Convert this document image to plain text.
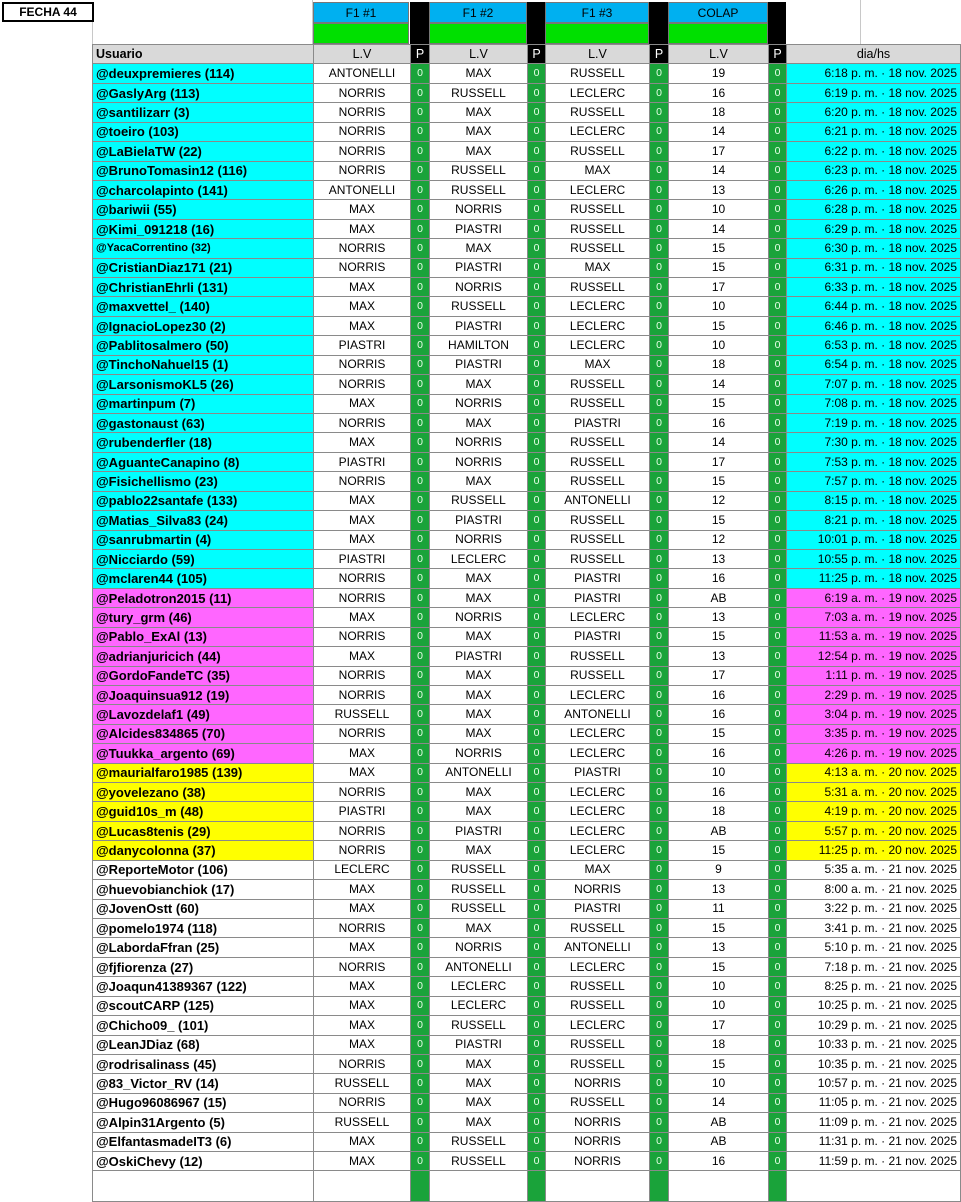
FECHA 44	F1 #1	F1 #2	F1 #3	COLAP
Usuario	L.V	P	L.V	P	L.V	P	L.V	P	dia/hs
@deuxpremieres (114)	ANTONELLI	0	MAX	0	RUSSELL	0	19	0	6:18 p. m. · 18 nov. 2025
@GaslyArg (113)	NORRIS	0	RUSSELL	0	LECLERC	0	16	0	6:19 p. m. · 18 nov. 2025
@santilizarr (3)	NORRIS	0	MAX	0	RUSSELL	0	18	0	6:20 p. m. · 18 nov. 2025
@toeiro (103)	NORRIS	0	MAX	0	LECLERC	0	14	0	6:21 p. m. · 18 nov. 2025
@LaBielaTW (22)	NORRIS	0	MAX	0	RUSSELL	0	17	0	6:22 p. m. · 18 nov. 2025
@BrunoTomasin12 (116)	NORRIS	0	RUSSELL	0	MAX	0	14	0	6:23 p. m. · 18 nov. 2025
@charcolapinto (141)	ANTONELLI	0	RUSSELL	0	LECLERC	0	13	0	6:26 p. m. · 18 nov. 2025
@bariwii (55)	MAX	0	NORRIS	0	RUSSELL	0	10	0	6:28 p. m. · 18 nov. 2025
@Kimi_091218 (16)	MAX	0	PIASTRI	0	RUSSELL	0	14	0	6:29 p. m. · 18 nov. 2025
@YacaCorrentino (32)	NORRIS	0	MAX	0	RUSSELL	0	15	0	6:30 p. m. · 18 nov. 2025
@CristianDiaz171 (21)	NORRIS	0	PIASTRI	0	MAX	0	15	0	6:31 p. m. · 18 nov. 2025
@ChristianEhrli (131)	MAX	0	NORRIS	0	RUSSELL	0	17	0	6:33 p. m. · 18 nov. 2025
@maxvettel_ (140)	MAX	0	RUSSELL	0	LECLERC	0	10	0	6:44 p. m. · 18 nov. 2025
@IgnacioLopez30 (2)	MAX	0	PIASTRI	0	LECLERC	0	15	0	6:46 p. m. · 18 nov. 2025
@Pablitosalmero (50)	PIASTRI	0	HAMILTON	0	LECLERC	0	10	0	6:53 p. m. · 18 nov. 2025
@TinchoNahuel15 (1)	NORRIS	0	PIASTRI	0	MAX	0	18	0	6:54 p. m. · 18 nov. 2025
@LarsonismoKL5 (26)	NORRIS	0	MAX	0	RUSSELL	0	14	0	7:07 p. m. · 18 nov. 2025
@martinpum (7)	MAX	0	NORRIS	0	RUSSELL	0	15	0	7:08 p. m. · 18 nov. 2025
@gastonaust (63)	NORRIS	0	MAX	0	PIASTRI	0	16	0	7:19 p. m. · 18 nov. 2025
@rubenderfler (18)	MAX	0	NORRIS	0	RUSSELL	0	14	0	7:30 p. m. · 18 nov. 2025
@AguanteCanapino (8)	PIASTRI	0	NORRIS	0	RUSSELL	0	17	0	7:53 p. m. · 18 nov. 2025
@Fisichellismo (23)	NORRIS	0	MAX	0	RUSSELL	0	15	0	7:57 p. m. · 18 nov. 2025
@pablo22santafe (133)	MAX	0	RUSSELL	0	ANTONELLI	0	12	0	8:15 p. m. · 18 nov. 2025
@Matias_Silva83 (24)	MAX	0	PIASTRI	0	RUSSELL	0	15	0	8:21 p. m. · 18 nov. 2025
@sanrubmartin (4)	MAX	0	NORRIS	0	RUSSELL	0	12	0	10:01 p. m. · 18 nov. 2025
@Nicciardo (59)	PIASTRI	0	LECLERC	0	RUSSELL	0	13	0	10:55 p. m. · 18 nov. 2025
@mclaren44 (105)	NORRIS	0	MAX	0	PIASTRI	0	16	0	11:25 p. m. · 18 nov. 2025
@Peladotron2015 (11)	NORRIS	0	MAX	0	PIASTRI	0	AB	0	6:19 a. m. · 19 nov. 2025
@tury_grm (46)	MAX	0	NORRIS	0	LECLERC	0	13	0	7:03 a. m. · 19 nov. 2025
@Pablo_ExAl (13)	NORRIS	0	MAX	0	PIASTRI	0	15	0	11:53 a. m. · 19 nov. 2025
@adrianjuricich (44)	MAX	0	PIASTRI	0	RUSSELL	0	13	0	12:54 p. m. · 19 nov. 2025
@GordoFandeTC (35)	NORRIS	0	MAX	0	RUSSELL	0	17	0	1:11 p. m. · 19 nov. 2025
@Joaquinsua912 (19)	NORRIS	0	MAX	0	LECLERC	0	16	0	2:29 p. m. · 19 nov. 2025
@Lavozdelaf1 (49)	RUSSELL	0	MAX	0	ANTONELLI	0	16	0	3:04 p. m. · 19 nov. 2025
@Alcides834865 (70)	NORRIS	0	MAX	0	LECLERC	0	15	0	3:35 p. m. · 19 nov. 2025
@Tuukka_argento (69)	MAX	0	NORRIS	0	LECLERC	0	16	0	4:26 p. m. · 19 nov. 2025
@maurialfaro1985 (139)	MAX	0	ANTONELLI	0	PIASTRI	0	10	0	4:13 a. m. · 20 nov. 2025
@yovelezano (38)	NORRIS	0	MAX	0	LECLERC	0	16	0	5:31 a. m. · 20 nov. 2025
@guid10s_m (48)	PIASTRI	0	MAX	0	LECLERC	0	18	0	4:19 p. m. · 20 nov. 2025
@Lucas8tenis (29)	NORRIS	0	PIASTRI	0	LECLERC	0	AB	0	5:57 p. m. · 20 nov. 2025
@danycolonna (37)	NORRIS	0	MAX	0	LECLERC	0	15	0	11:25 p. m. · 20 nov. 2025
@ReporteMotor (106)	LECLERC	0	RUSSELL	0	MAX	0	9	0	5:35 a. m. · 21 nov. 2025
@huevobianchiok (17)	MAX	0	RUSSELL	0	NORRIS	0	13	0	8:00 a. m. · 21 nov. 2025
@JovenOstt (60)	MAX	0	RUSSELL	0	PIASTRI	0	11	0	3:22 p. m. · 21 nov. 2025
@pomelo1974 (118)	NORRIS	0	MAX	0	RUSSELL	0	15	0	3:41 p. m. · 21 nov. 2025
@LabordaFfran (25)	MAX	0	NORRIS	0	ANTONELLI	0	13	0	5:10 p. m. · 21 nov. 2025
@fjfiorenza (27)	NORRIS	0	ANTONELLI	0	LECLERC	0	15	0	7:18 p. m. · 21 nov. 2025
@Joaqun41389367 (122)	MAX	0	LECLERC	0	RUSSELL	0	10	0	8:25 p. m. · 21 nov. 2025
@scoutCARP (125)	MAX	0	LECLERC	0	RUSSELL	0	10	0	10:25 p. m. · 21 nov. 2025
@Chicho09_ (101)	MAX	0	RUSSELL	0	LECLERC	0	17	0	10:29 p. m. · 21 nov. 2025
@LeanJDiaz (68)	MAX	0	PIASTRI	0	RUSSELL	0	18	0	10:33 p. m. · 21 nov. 2025
@rodrisalinass (45)	NORRIS	0	MAX	0	RUSSELL	0	15	0	10:35 p. m. · 21 nov. 2025
@83_Victor_RV (14)	RUSSELL	0	MAX	0	NORRIS	0	10	0	10:57 p. m. · 21 nov. 2025
@Hugo96086967 (15)	NORRIS	0	MAX	0	RUSSELL	0	14	0	11:05 p. m. · 21 nov. 2025
@Alpin31Argento (5)	RUSSELL	0	MAX	0	NORRIS	0	AB	0	11:09 p. m. · 21 nov. 2025
@ElfantasmadeIT3 (6)	MAX	0	RUSSELL	0	NORRIS	0	AB	0	11:31 p. m. · 21 nov. 2025
@OskiChevy (12)	MAX	0	RUSSELL	0	NORRIS	0	16	0	11:59 p. m. · 21 nov. 2025
